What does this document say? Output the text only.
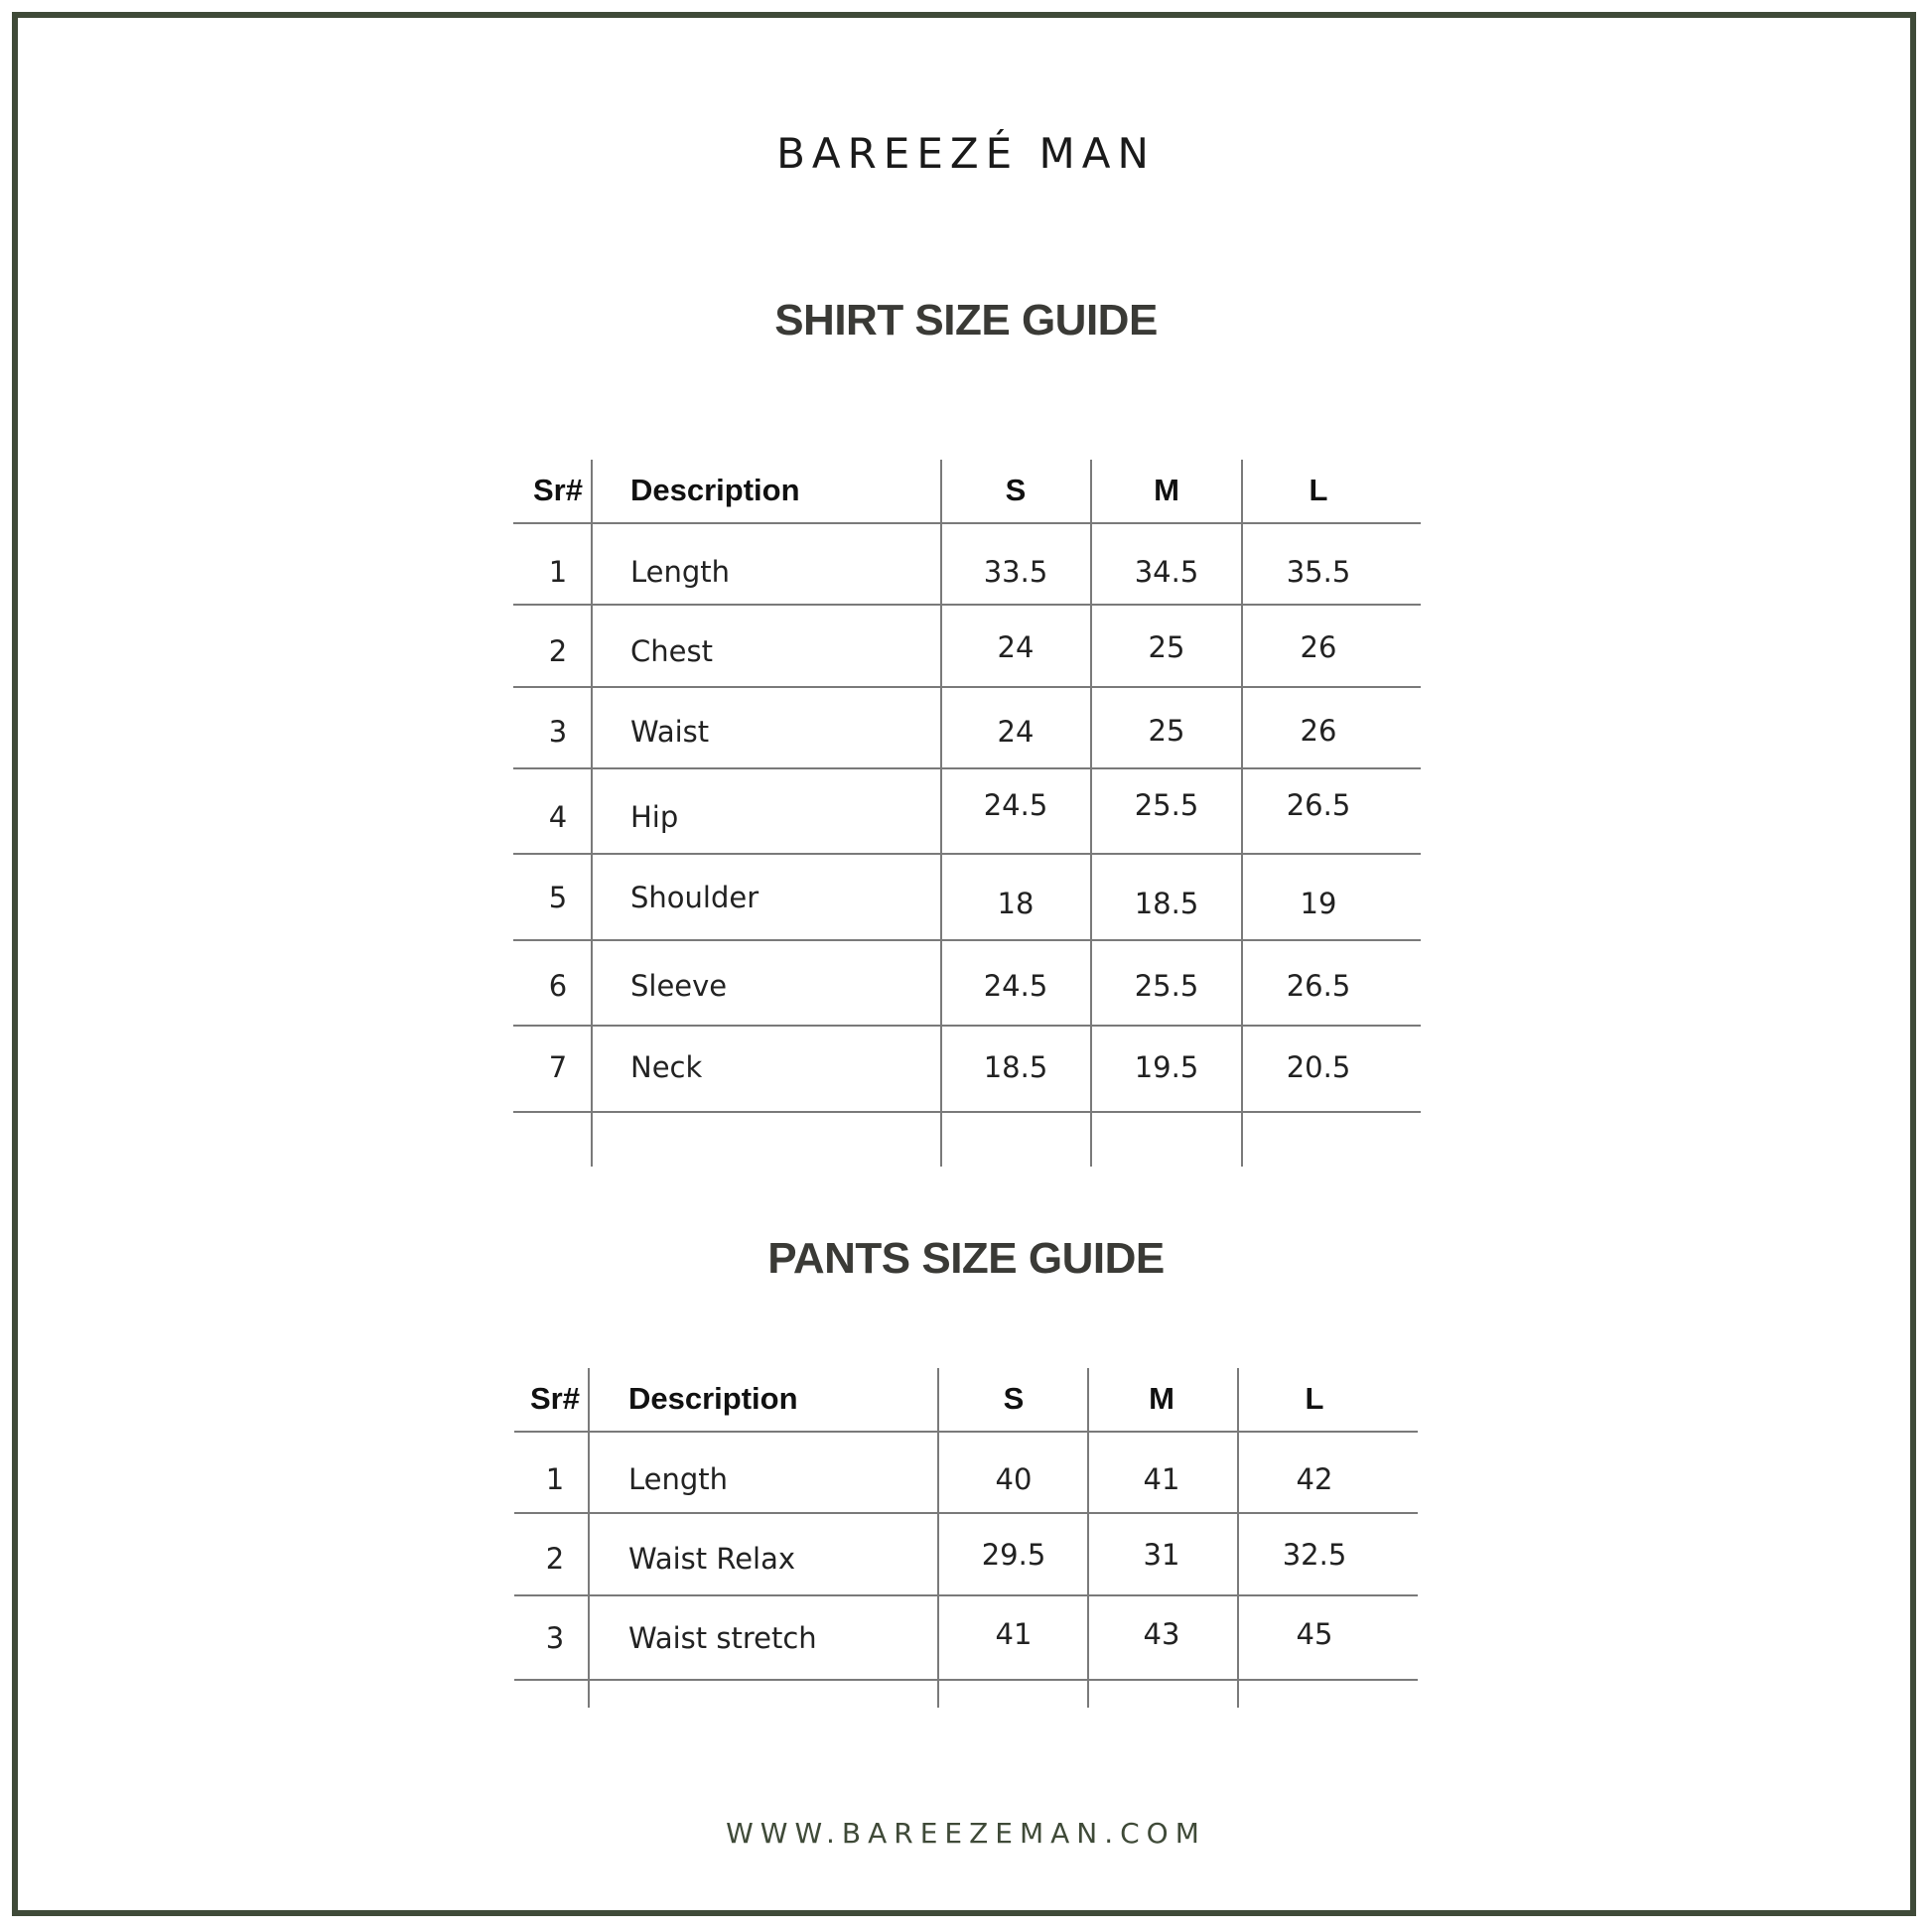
BAREEZÉ MAN
SHIRT SIZE GUIDE
PANTS SIZE GUIDE
WWW.BAREEZEMAN.COM
Sr# Description	S	M	L
1 Length	33.5	34.5	35.5
2 Chest	24	25	26
3 Waist	24	25	26
4 Hip	24.5	25.5	26.5
5 Shoulder	18	18.5	19
6 Sleeve	24.5	25.5	26.5
7 Neck	18.5	19.5	20.5
Sr# Description	S	M	L
1 Length	40	41	42
2 Waist Relax	29.5	31	32.5
3 Waist stretch	41	43	45
